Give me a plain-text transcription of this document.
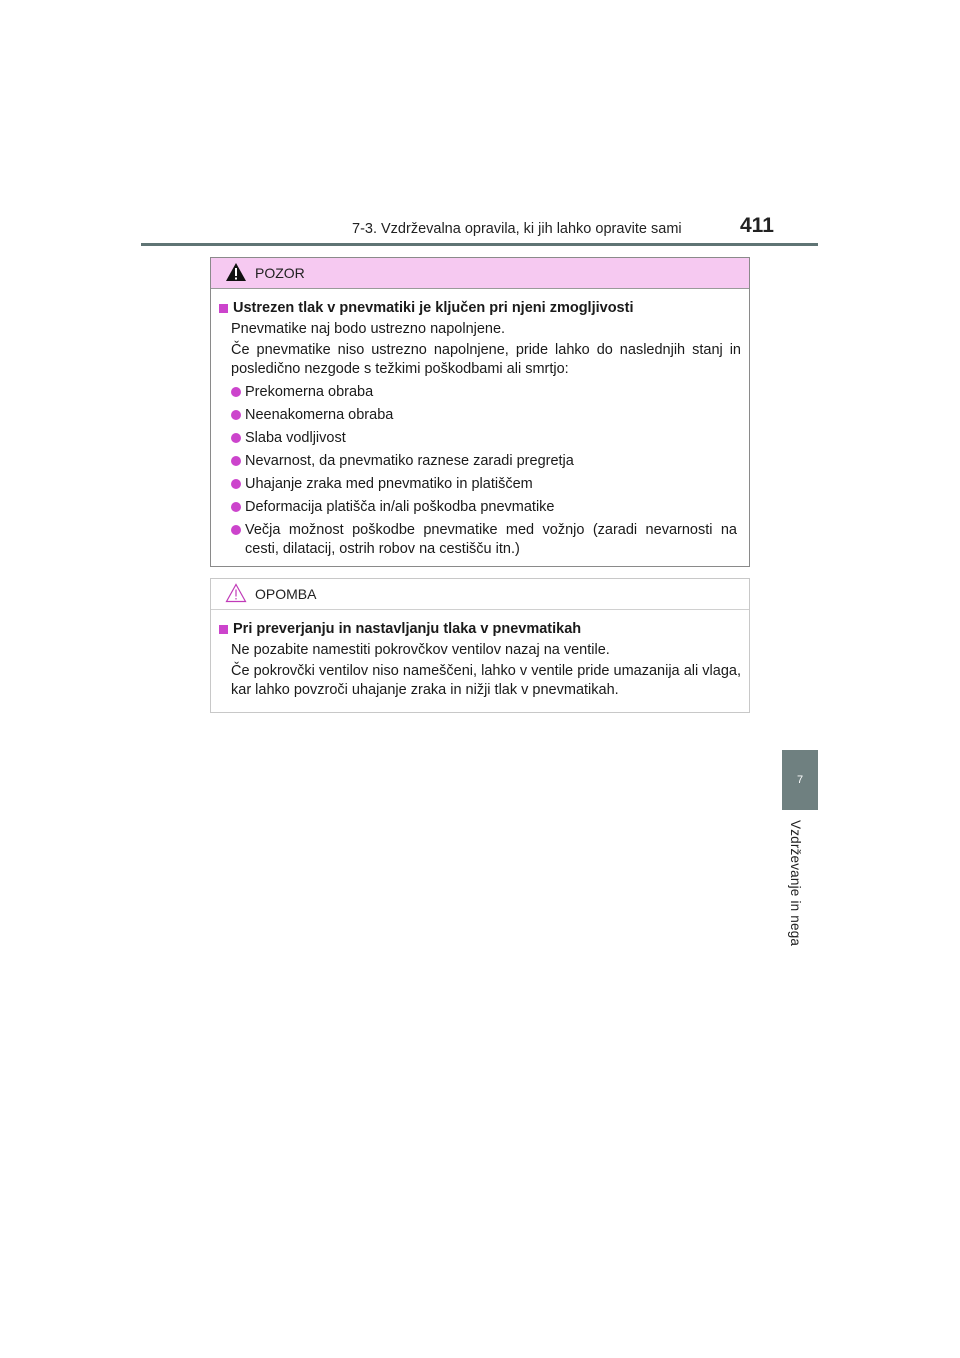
7-3. Vzdrževalna opravila, ki jih lahko opravite sami	411
7
Vzdrževanje in nega
POZOR
Ustrezen tlak v pnevmatiki je ključen pri njeni zmogljivosti
Pnevmatike naj bodo ustrezno napolnjene.
Če pnevmatike niso ustrezno napolnjene, pride lahko do naslednjih stanj in posledično nezgode s težkimi poškodbami ali smrtjo:
Prekomerna obraba
Neenakomerna obraba
Slaba vodljivost
Nevarnost, da pnevmatiko raznese zaradi pregretja
Uhajanje zraka med pnevmatiko in platiščem
Deformacija platišča in/ali poškodba pnevmatike
Večja možnost poškodbe pnevmatike med vožnjo (zaradi nevarnosti na cesti, dilatacij, ostrih robov na cestišču itn.)
OPOMBA
Pri preverjanju in nastavljanju tlaka v pnevmatikah
Ne pozabite namestiti pokrovčkov ventilov nazaj na ventile.
Če pokrovčki ventilov niso nameščeni, lahko v ventile pride umazanija ali vlaga, kar lahko povzroči uhajanje zraka in nižji tlak v pnevmatikah.
